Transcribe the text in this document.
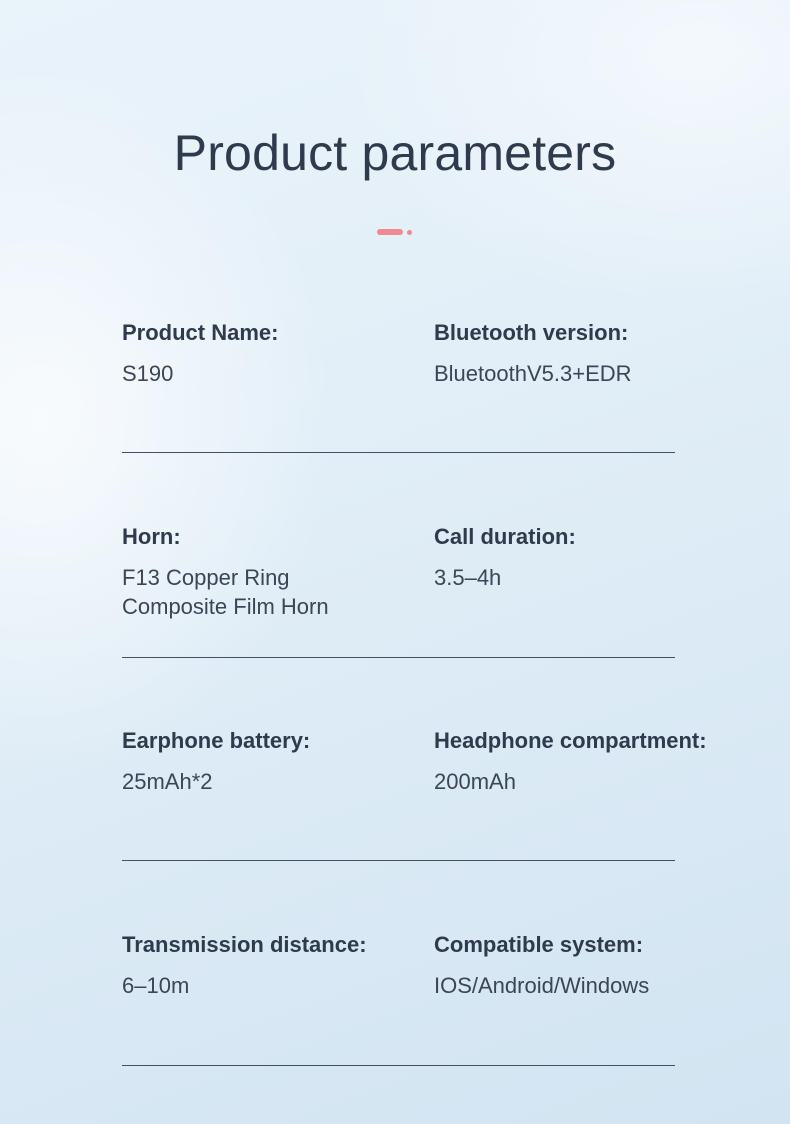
Product parameters
Product Name:
S190
Bluetooth version:
BluetoothV5.3+EDR
Horn:
F13 Copper Ring Composite Film Horn
Call duration:
3.5–4h
Earphone battery:
25mAh*2
Headphone compartment:
200mAh
Transmission distance:
6–10m
Compatible system:
IOS/Android/Windows
